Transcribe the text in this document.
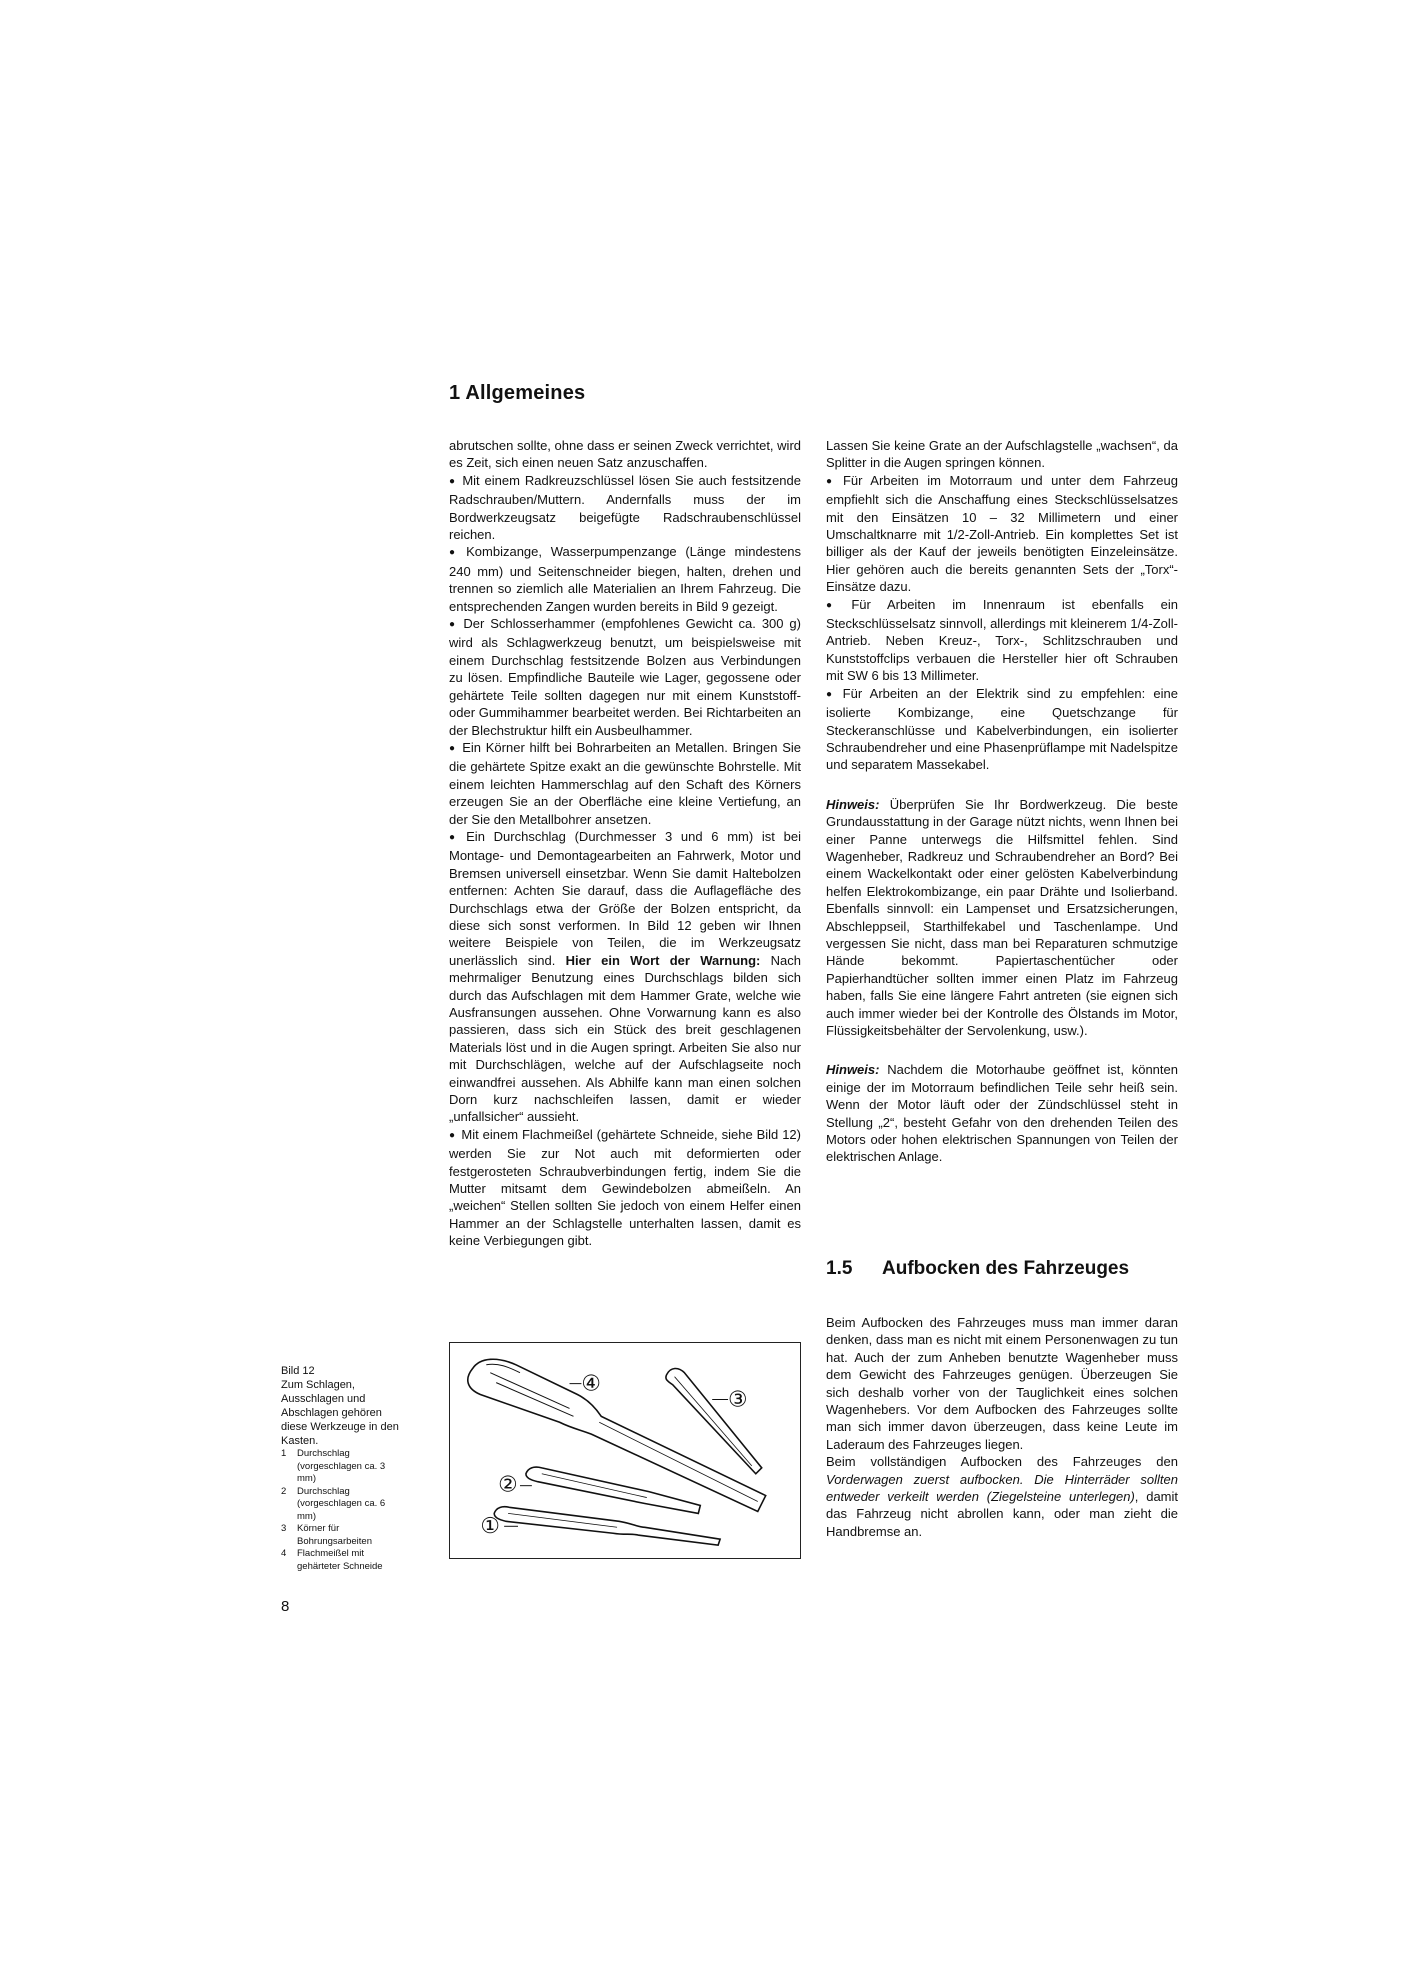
1 Allgemeines

abrutschen sollte, ohne dass er seinen Zweck verrichtet, wird es Zeit, sich einen neuen Satz anzuschaffen.

● Mit einem Radkreuzschlüssel lösen Sie auch festsitzende Radschrauben/Muttern. Andernfalls muss der im Bordwerkzeugsatz beigefügte Radschraubenschlüssel reichen.

● Kombizange, Wasserpumpenzange (Länge mindestens 240 mm) und Seitenschneider biegen, halten, drehen und trennen so ziemlich alle Materialien an Ihrem Fahrzeug. Die entsprechenden Zangen wurden bereits in Bild 9 gezeigt.

● Der Schlosserhammer (empfohlenes Gewicht ca. 300 g) wird als Schlagwerkzeug benutzt, um beispielsweise mit einem Durchschlag festsitzende Bolzen aus Verbindungen zu lösen. Empfindliche Bauteile wie Lager, gegossene oder gehärtete Teile sollten dagegen nur mit einem Kunststoff- oder Gummihammer bearbeitet werden. Bei Richtarbeiten an der Blechstruktur hilft ein Ausbeulhammer.

● Ein Körner hilft bei Bohrarbeiten an Metallen. Bringen Sie die gehärtete Spitze exakt an die gewünschte Bohrstelle. Mit einem leichten Hammerschlag auf den Schaft des Körners erzeugen Sie an der Oberfläche eine kleine Vertiefung, an der Sie den Metallbohrer ansetzen.

● Ein Durchschlag (Durchmesser 3 und 6 mm) ist bei Montage- und Demontagearbeiten an Fahrwerk, Motor und Bremsen universell einsetzbar. Wenn Sie damit Haltebolzen entfernen: Achten Sie darauf, dass die Auflagefläche des Durchschlags etwa der Größe der Bolzen entspricht, da diese sich sonst verformen. In Bild 12 geben wir Ihnen weitere Beispiele von Teilen, die im Werkzeugsatz unerlässlich sind. Hier ein Wort der Warnung: Nach mehrmaliger Benutzung eines Durchschlags bilden sich durch das Aufschlagen mit dem Hammer Grate, welche wie Ausfransungen aussehen. Ohne Vorwarnung kann es also passieren, dass sich ein Stück des breit geschlagenen Materials löst und in die Augen springt. Arbeiten Sie also nur mit Durchschlägen, welche auf der Aufschlagseite noch einwandfrei aussehen. Als Abhilfe kann man einen solchen Dorn kurz nachschleifen lassen, damit er wieder „unfallsicher“ aussieht.

● Mit einem Flachmeißel (gehärtete Schneide, siehe Bild 12) werden Sie zur Not auch mit deformierten oder festgerosteten Schraubverbindungen fertig, indem Sie die Mutter mitsamt dem Gewindebolzen abmeißeln. An „weichen“ Stellen sollten Sie jedoch von einem Helfer einen Hammer an der Schlagstelle unterhalten lassen, damit es keine Verbiegungen gibt.

Lassen Sie keine Grate an der Aufschlagstelle „wachsen“, da Splitter in die Augen springen können.

● Für Arbeiten im Motorraum und unter dem Fahrzeug empfiehlt sich die Anschaffung eines Steckschlüsselsatzes mit den Einsätzen 10 – 32 Millimetern und einer Umschaltknarre mit 1/2-Zoll-Antrieb. Ein komplettes Set ist billiger als der Kauf der jeweils benötigten Einzeleinsätze. Hier gehören auch die bereits genannten Sets der „Torx“-Einsätze dazu.

● Für Arbeiten im Innenraum ist ebenfalls ein Steckschlüsselsatz sinnvoll, allerdings mit kleinerem 1/4-Zoll-Antrieb. Neben Kreuz-, Torx-, Schlitzschrauben und Kunststoffclips verbauen die Hersteller hier oft Schrauben mit SW 6 bis 13 Millimeter.

● Für Arbeiten an der Elektrik sind zu empfehlen: eine isolierte Kombizange, eine Quetschzange für Steckeranschlüsse und Kabelverbindungen, ein isolierter Schraubendreher und eine Phasenprüflampe mit Nadelspitze und separatem Massekabel.

Hinweis: Überprüfen Sie Ihr Bordwerkzeug. Die beste Grundausstattung in der Garage nützt nichts, wenn Ihnen bei einer Panne unterwegs die Hilfsmittel fehlen. Sind Wagenheber, Radkreuz und Schraubendreher an Bord? Bei einem Wackelkontakt oder einer gelösten Kabelverbindung helfen Elektrokombizange, ein paar Drähte und Isolierband. Ebenfalls sinnvoll: ein Lampenset und Ersatzsicherungen, Abschleppseil, Starthilfekabel und Taschenlampe. Und vergessen Sie nicht, dass man bei Reparaturen schmutzige Hände bekommt. Papiertaschentücher oder Papierhandtücher sollten immer einen Platz im Fahrzeug haben, falls Sie eine längere Fahrt antreten (sie eignen sich auch immer wieder bei der Kontrolle des Ölstands im Motor, Flüssigkeitsbehälter der Servolenkung, usw.).

Hinweis: Nachdem die Motorhaube geöffnet ist, könnten einige der im Motorraum befindlichen Teile sehr heiß sein. Wenn der Motor läuft oder der Zündschlüssel steht in Stellung „2“, besteht Gefahr von den drehenden Teilen des Motors oder hohen elektrischen Spannungen von Teilen der elektrischen Anlage.

1.5 Aufbocken des Fahrzeuges

Beim Aufbocken des Fahrzeuges muss man immer daran denken, dass man es nicht mit einem Personenwagen zu tun hat. Auch der zum Anheben benutzte Wagenheber muss dem Gewicht des Fahrzeuges genügen. Überzeugen Sie sich deshalb vorher von der Tauglichkeit eines solchen Wagenhebers. Vor dem Aufbocken des Fahrzeuges sollte man sich immer davon überzeugen, dass keine Leute im Laderaum des Fahrzeuges liegen.

Beim vollständigen Aufbocken des Fahrzeuges den Vorderwagen zuerst aufbocken. Die Hinterräder sollten entweder verkeilt werden (Ziegelsteine unterlegen), damit das Fahrzeug nicht abrollen kann, oder man zieht die Handbremse an.

④
③
②
①

Bild 12

Zum Schlagen, Ausschlagen und Abschlagen gehören diese Werkzeuge in den Kasten.

1	Durchschlag (vorgeschlagen ca. 3 mm)
2	Durchschlag (vorgeschlagen ca. 6 mm)
3	Körner für Bohrungsarbeiten
4	Flachmeißel mit gehärteter Schneide
8
